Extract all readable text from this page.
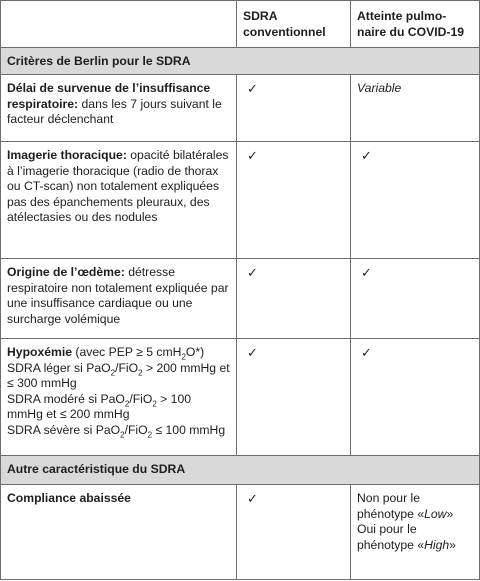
	SDRA conventionnel	Atteinte pulmo-naire du COVID-19
Critères de Berlin pour le SDRA		
Délai de survenue de l’insuffisance respiratoire: dans les 7 jours suivant le facteur déclenchant	✓	Variable
Imagerie thoracique: opacité bilatérales à l’imagerie thoracique (radio de thorax ou CT-scan) non totalement expliquées pas des épanchements pleuraux, des atélectasies ou des nodules	✓	✓
Origine de l’œdème: détresse respiratoire non totalement expliquée par une insuffisance cardiaque ou une surcharge volémique	✓	✓

Hypoxémie (avec PEP ≥ 5 cmH$_2$O*)
SDRA léger si PaO$_2$/FiO$_2$ > 200 mmHg et ≤ 300 mmHg
SDRA modéré si PaO$_2$/FiO$_2$ > 100 mmHg et ≤ 200 mmHg
SDRA sévère si PaO$_2$/FiO$_2$ ≤ 100 mmHg	✓	✓
Autre caractéristique du SDRA		
Compliance abaissée	✓	Non pour le phénotype «Low»
Oui pour le phénotype «High»
